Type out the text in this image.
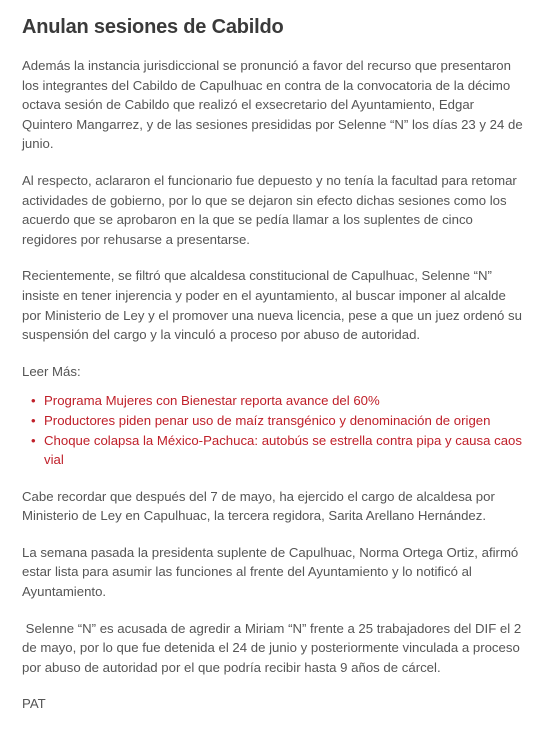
Anulan sesiones de Cabildo

Además la instancia jurisdiccional se pronunció a favor del recurso que presentaron los integrantes del Cabildo de Capulhuac en contra de la convocatoria de la décimo octava sesión de Cabildo que realizó el exsecretario del Ayuntamiento, Edgar Quintero Mangarrez, y de las sesiones presididas por Selenne “N” los días 23 y 24 de junio.

Al respecto, aclararon el funcionario fue depuesto y no tenía la facultad para retomar actividades de gobierno, por lo que se dejaron sin efecto dichas sesiones como los acuerdo que se aprobaron en la que se pedía llamar a los suplentes de cinco regidores por rehusarse a presentarse.

Recientemente, se filtró que alcaldesa constitucional de Capulhuac, Selenne “N” insiste en tener injerencia y poder en el ayuntamiento, al buscar imponer al alcalde por Ministerio de Ley y el promover una nueva licencia, pese a que un juez ordenó su suspensión del cargo y la vinculó a proceso por abuso de autoridad.

Leer Más:

• Programa Mujeres con Bienestar reporta avance del 60%
• Productores piden penar uso de maíz transgénico y denominación de origen
• Choque colapsa la México-Pachuca: autobús se estrella contra pipa y causa caos vial

Cabe recordar que después del 7 de mayo, ha ejercido el cargo de alcaldesa por Ministerio de Ley en Capulhuac, la tercera regidora, Sarita Arellano Hernández.

La semana pasada la presidenta suplente de Capulhuac, Norma Ortega Ortiz, afirmó estar lista para asumir las funciones al frente del Ayuntamiento y lo notificó al Ayuntamiento.

Selenne “N” es acusada de agredir a Miriam “N” frente a 25 trabajadores del DIF el 2 de mayo, por lo que fue detenida el 24 de junio y posteriormente vinculada a proceso por abuso de autoridad por el que podría recibir hasta 9 años de cárcel.

PAT
